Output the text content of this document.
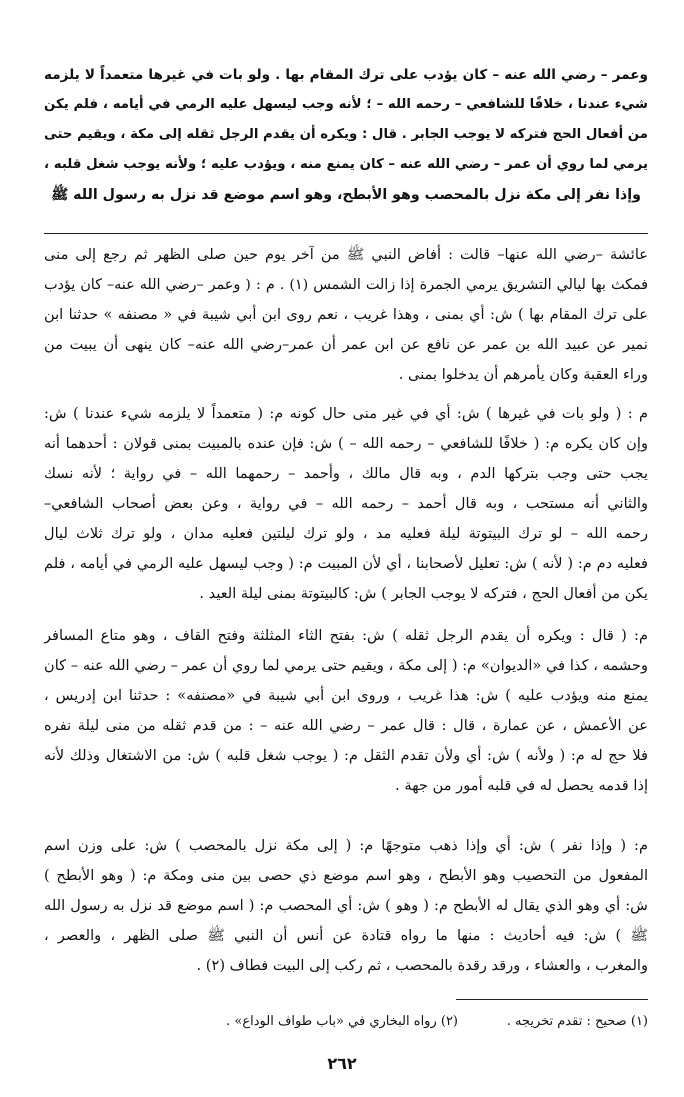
وعمر – رضي الله عنه – كان يؤدب على ترك المقام بها . ولو بات في غيرها متعمداً لا يلزمه
شيء عندنا ، خلافًا للشافعي – رحمه الله – ؛ لأنه وجب ليسهل عليه الرمي في أيامه ، فلم يكن
من أفعال الحج فتركه لا يوجب الجابر . قال : ويكره أن يقدم الرجل ثقله إلى مكة ، ويقيم حتى
يرمي لما روي أن عمر – رضي الله عنه – كان يمنع منه ، ويؤدب عليه ؛ ولأنه يوجب شغل قلبه ،
وإذا نفر إلى مكة نزل بالمحصب وهو الأبطح، وهو اسم موضع قد نزل به رسول الله ﷺ
عائشة –رضي الله عنها– قالت : أفاض النبي ﷺ من آخر يوم حين صلى الظهر ثم رجع إلى منى
فمكث بها ليالي التشريق يرمي الجمرة إذا زالت الشمس (١) . م : ( وعمر –رضي الله عنه– كان يؤدب
على ترك المقام بها ) ش: أي بمنى ، وهذا غريب ، نعم روى ابن أبي شيبة في « مصنفه » حدثنا ابن
نمير عن عبيد الله بن عمر عن نافع عن ابن عمر أن عمر–رضي الله عنه– كان ينهى أن يبيت من
وراء العقبة وكان يأمرهم أن يدخلوا بمنى .
م : ( ولو بات في غيرها ) ش: أي في غير منى حال كونه م: ( متعمداً لا يلزمه شيء عندنا ) ش:
وإن كان يكره م: ( خلافًا للشافعي – رحمه الله – ) ش: فإن عنده بالمبيت بمنى قولان : أحدهما أنه
يجب حتى وجب بتركها الدم ، وبه قال مالك ، وأحمد – رحمهما الله – في رواية ؛ لأنه نسك
والثاني أنه مستحب ، وبه قال أحمد – رحمه الله – في رواية ، وعن بعض أصحاب الشافعي–
رحمه الله – لو ترك البيتوتة ليلة فعليه مد ، ولو ترك ليلتين فعليه مدان ، ولو ترك ثلاث ليال
فعليه دم م: ( لأنه ) ش: تعليل لأصحابنا ، أي لأن المبيت م: ( وجب ليسهل عليه الرمي في أيامه ، فلم
يكن من أفعال الحج ، فتركه لا يوجب الجابر ) ش: كالبيتوتة بمنى ليلة العيد .
م: ( قال : ويكره أن يقدم الرجل ثقله ) ش: بفتح الثاء المثلثة وفتح القاف ، وهو متاع المسافر
وحشمه ، كذا في «الديوان» م: ( إلى مكة ، ويقيم حتى يرمي لما روي أن عمر – رضي الله عنه – كان
يمنع منه ويؤدب عليه ) ش: هذا غريب ، وروى ابن أبي شيبة في «مصنفه» : حدثنا ابن إدريس ،
عن الأعمش ، عن عمارة ، قال : قال عمر – رضي الله عنه – : من قدم ثقله من منى ليلة نفره
فلا حج له م: ( ولأنه ) ش: أي ولأن تقدم الثقل م: ( يوجب شغل قلبه ) ش: من الاشتغال وذلك لأنه
إذا قدمه يحصل له في قلبه أمور من جهة .
م: ( وإذا نفر ) ش: أي وإذا ذهب متوجهًا م: ( إلى مكة نزل بالمحصب ) ش: على وزن اسم
المفعول من التحصيب وهو الأبطح ، وهو اسم موضع ذي حصى بين منى ومكة م: ( وهو الأبطح )
ش: أي وهو الذي يقال له الأبطح م: ( وهو ) ش: أي المحصب م: ( اسم موضع قد نزل به رسول الله
ﷺ ) ش: فيه أحاديث : منها ما رواه قتادة عن أنس أن النبي ﷺ صلى الظهر ، والعصر ،
والمغرب ، والعشاء ، ورقد رقدة بالمحصب ، ثم ركب إلى البيت فطاف (٢) .
(١) صحيح : تقدم تخريجه .
(٢) رواه البخاري في «باب طواف الوداع» .
٢٦٢
